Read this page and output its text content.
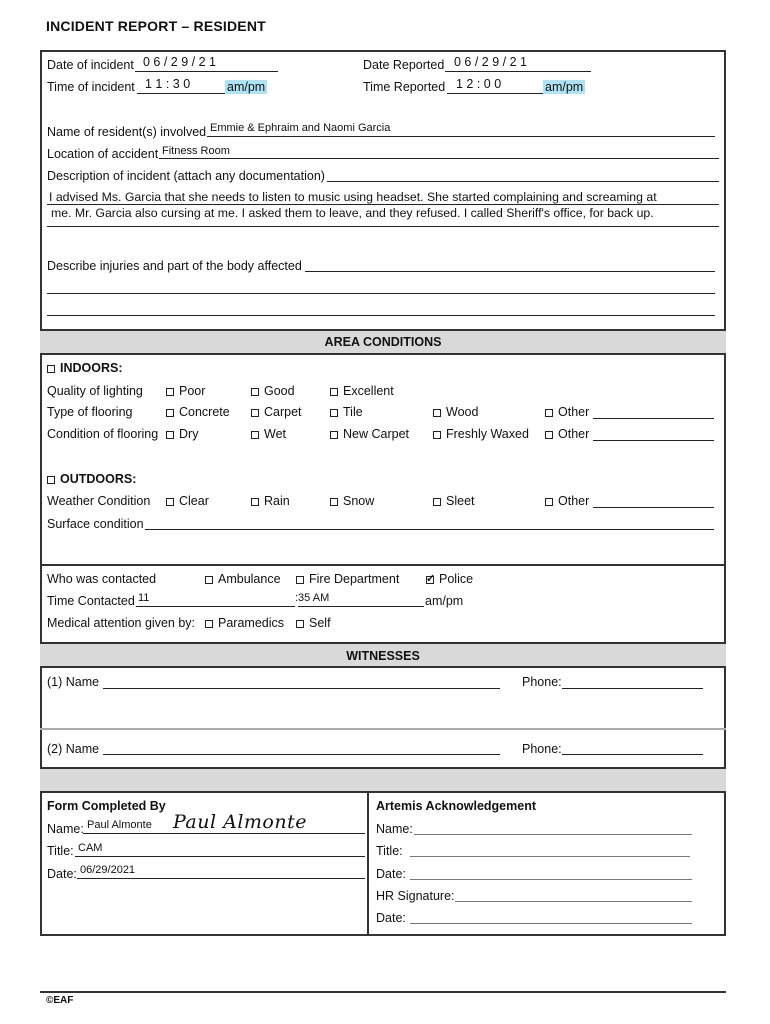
INCIDENT REPORT – RESIDENT
Date of incident 0 6 / 2 9 / 2 1
Time of incident 1 1 : 3 0	am/pm
Date Reported 0 6 / 2 9 / 2 1
Time Reported 1 2 : 0 0	am/pm
Name of resident(s) involved Emmie & Ephraim and Naomi Garcia
Location of accident Fitness Room
Description of incident (attach any documentation)
I advised Ms. Garcia that she needs to listen to music using headset. She started complaining and screaming at
me. Mr. Garcia also cursing at me. I asked them to leave, and they refused. I called Sheriff's office, for back up.
Describe injuries and part of the body affected
AREA CONDITIONS
INDOORS:
Quality of lighting	Poor	Good	Excellent
Type of flooring	Concrete	Carpet	Tile	Wood	Other
Condition of flooring	Dry	Wet	New Carpet	Freshly Waxed	Other
OUTDOORS:
Weather Condition	Clear	Rain	Snow	Sleet	Other
Surface condition
Who was contacted	Ambulance	Fire Department
✓	Police
Time Contacted 11	:35 AM	am/pm
Medical attention given by:	Paramedics	Self
WITNESSES
(1) Name	Phone:
(2) Name	Phone:
Form Completed By
Name: Paul Almonte Paul Almonte
Title: CAM
Date: 06/29/2021
Artemis Acknowledgement
Name:
Title:
Date:
HR Signature:
Date:
©EAF
